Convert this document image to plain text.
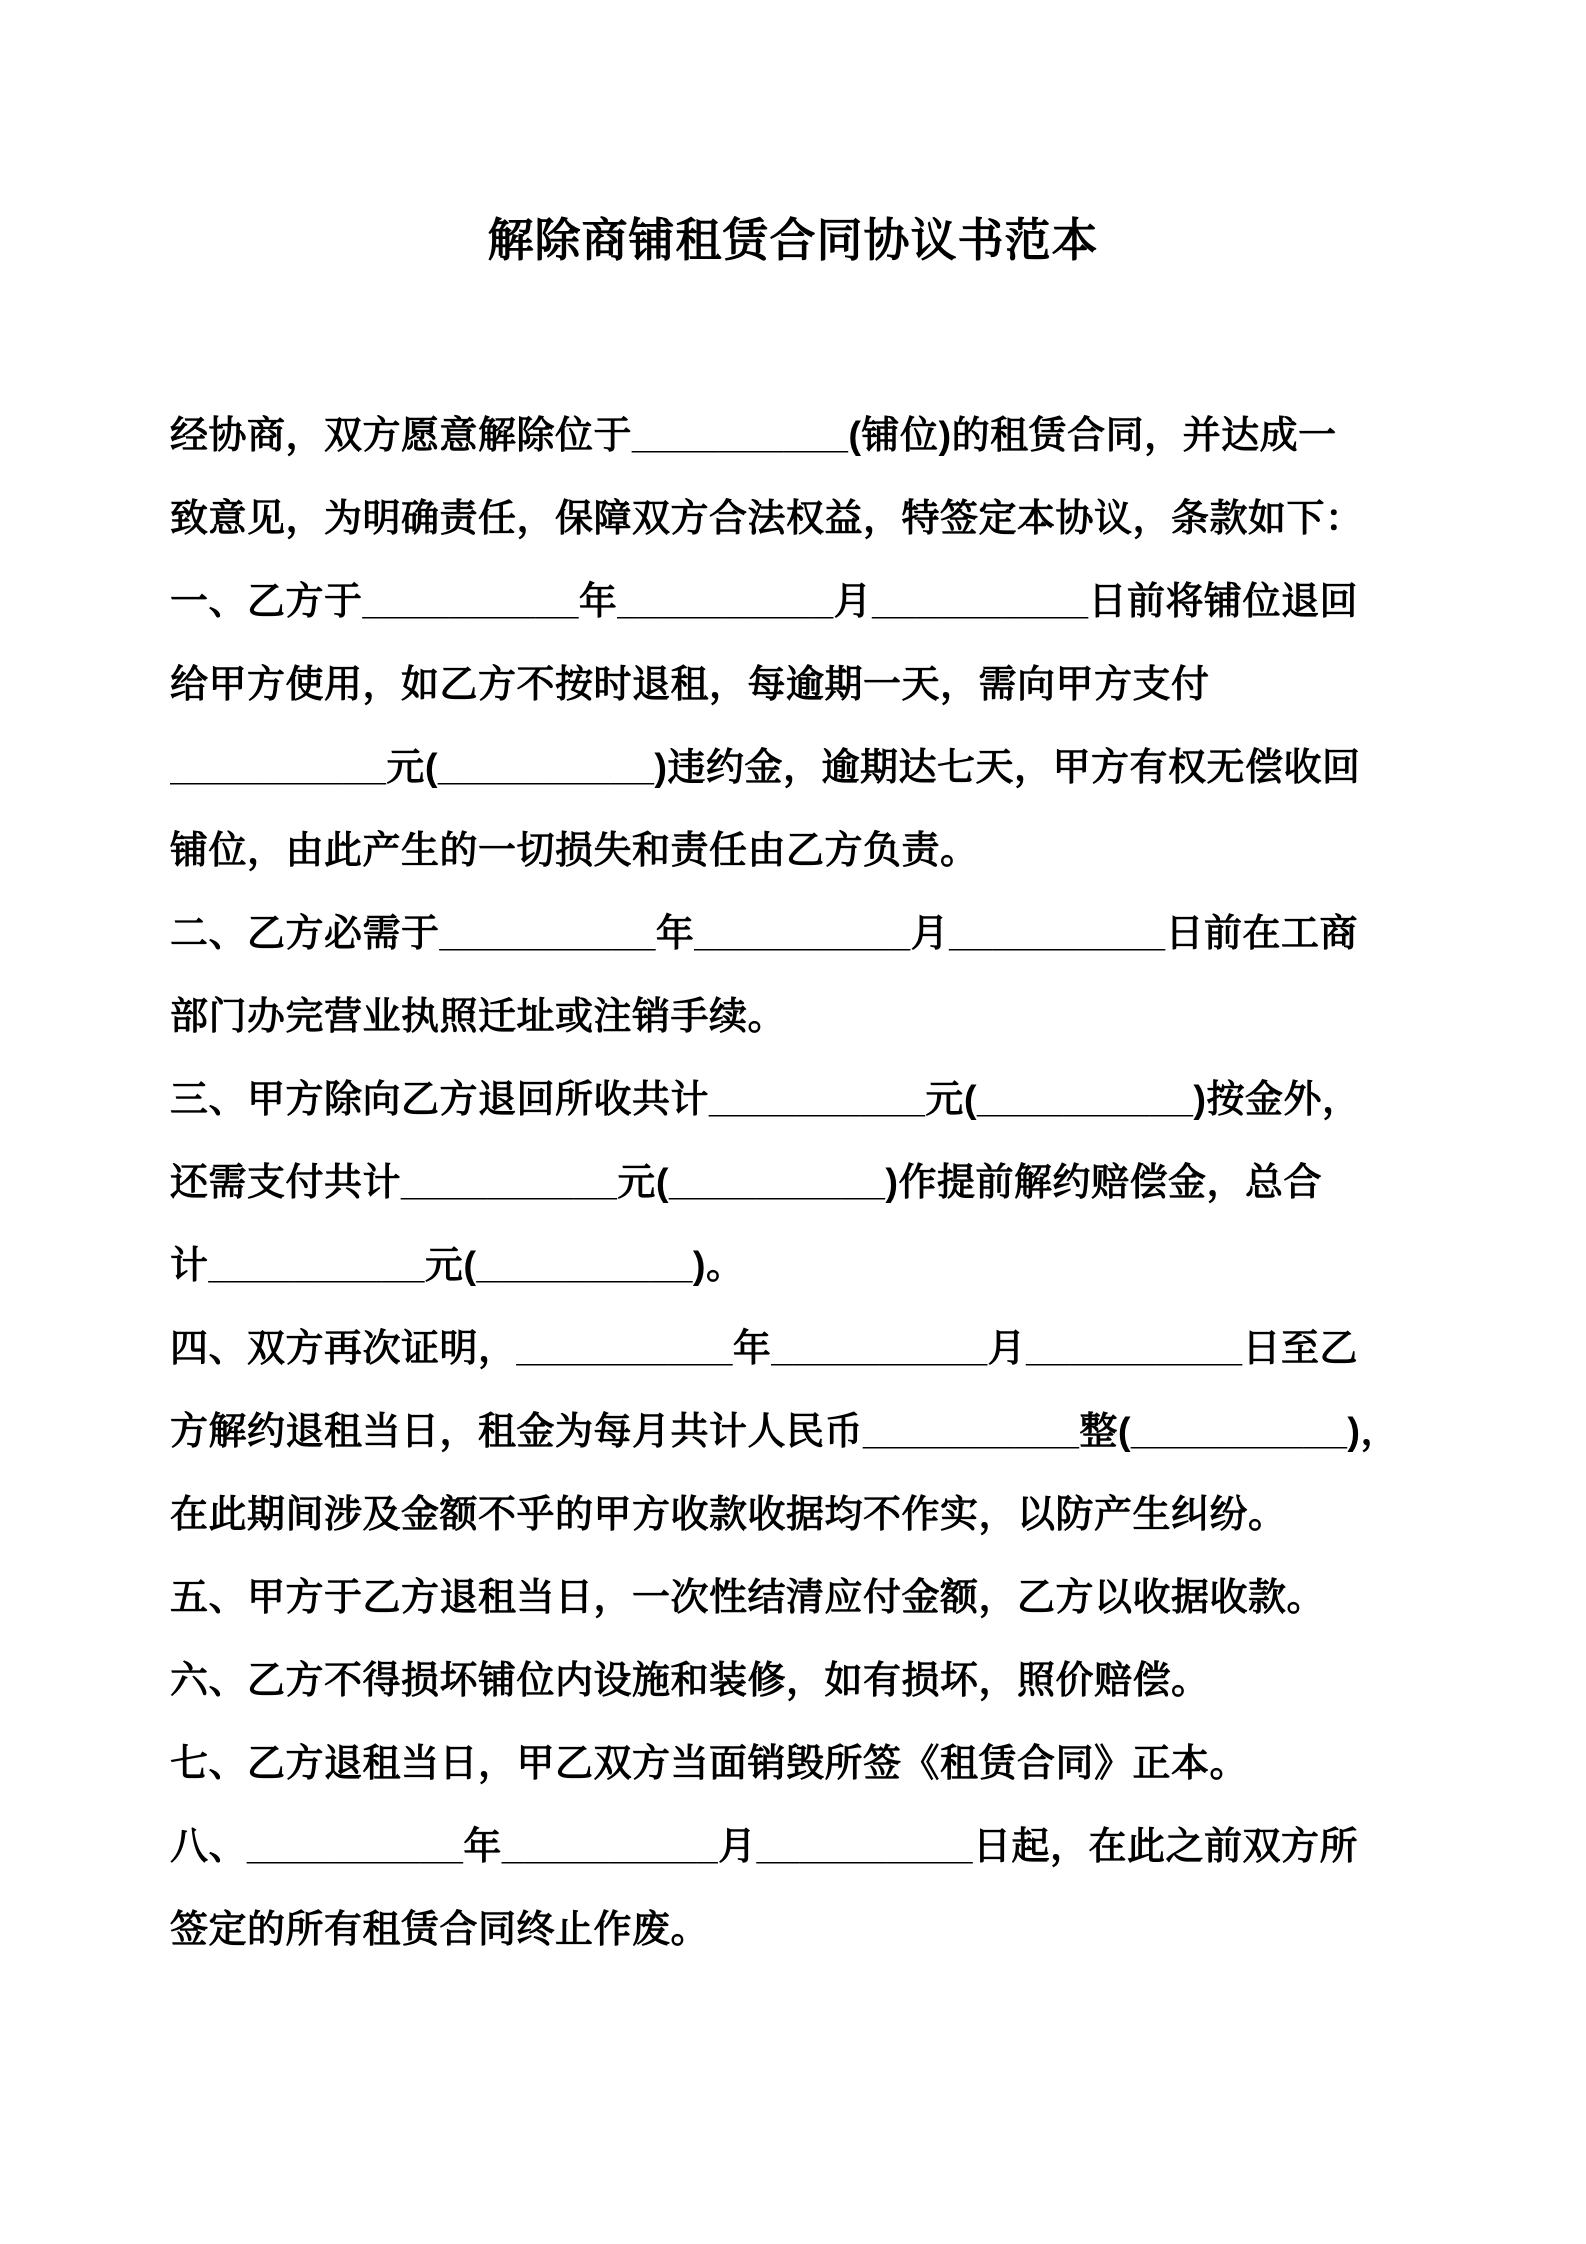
解除商铺租赁合同协议书范本
经协商，双方愿意解除位于__________(铺位)的租赁合同，并达成一
致意见，为明确责任，保障双方合法权益，特签定本协议，条款如下：
一、乙方于__________年__________月__________日前将铺位退回
给甲方使用，如乙方不按时退租，每逾期一天，需向甲方支付
__________元(__________)违约金，逾期达七天，甲方有权无偿收回
铺位，由此产生的一切损失和责任由乙方负责。
二、乙方必需于__________年__________月__________日前在工商
部门办完营业执照迁址或注销手续。
三、甲方除向乙方退回所收共计__________元(__________)按金外，
还需支付共计__________元(__________)作提前解约赔偿金，总合
计__________元(__________)。
四、双方再次证明，__________年__________月__________日至乙
方解约退租当日，租金为每月共计人民币__________整(__________)，
在此期间涉及金额不乎的甲方收款收据均不作实，以防产生纠纷。
五、甲方于乙方退租当日，一次性结清应付金额，乙方以收据收款。
六、乙方不得损坏铺位内设施和装修，如有损坏，照价赔偿。
七、乙方退租当日，甲乙双方当面销毁所签《租赁合同》正本。
八、__________年__________月__________日起，在此之前双方所
签定的所有租赁合同终止作废。
